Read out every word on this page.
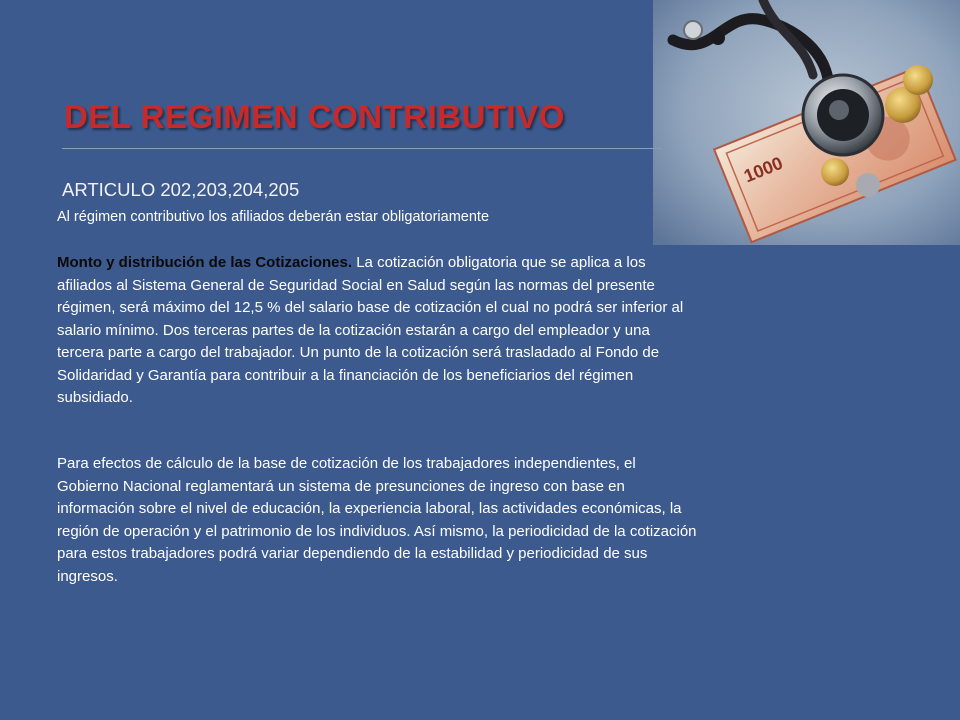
1000
DEL REGIMEN CONTRIBUTIVO
ARTICULO 202,203,204,205
Al régimen contributivo los afiliados deberán estar obligatoriamente

Monto y distribución de las Cotizaciones. La cotización obligatoria que se aplica a los afiliados al Sistema General de Seguridad Social en Salud según las normas del presente régimen, será máximo del 12,5 % del salario base de cotización el cual no podrá ser inferior al salario mínimo. Dos terceras partes de la cotización estarán a cargo del empleador y una tercera parte a cargo del trabajador. Un punto de la cotización será trasladado al Fondo de Solidaridad y Garantía para contribuir a la financiación de los beneficiarios del régimen subsidiado.

Para efectos de cálculo de la base de cotización de los trabajadores independientes, el Gobierno Nacional reglamentará un sistema de presunciones de ingreso con base en información sobre el nivel de educación, la experiencia laboral, las actividades económicas, la región de operación y el patrimonio de los individuos. Así mismo, la periodicidad de la cotización para estos trabajadores podrá variar dependiendo de la estabilidad y periodicidad de sus ingresos.
